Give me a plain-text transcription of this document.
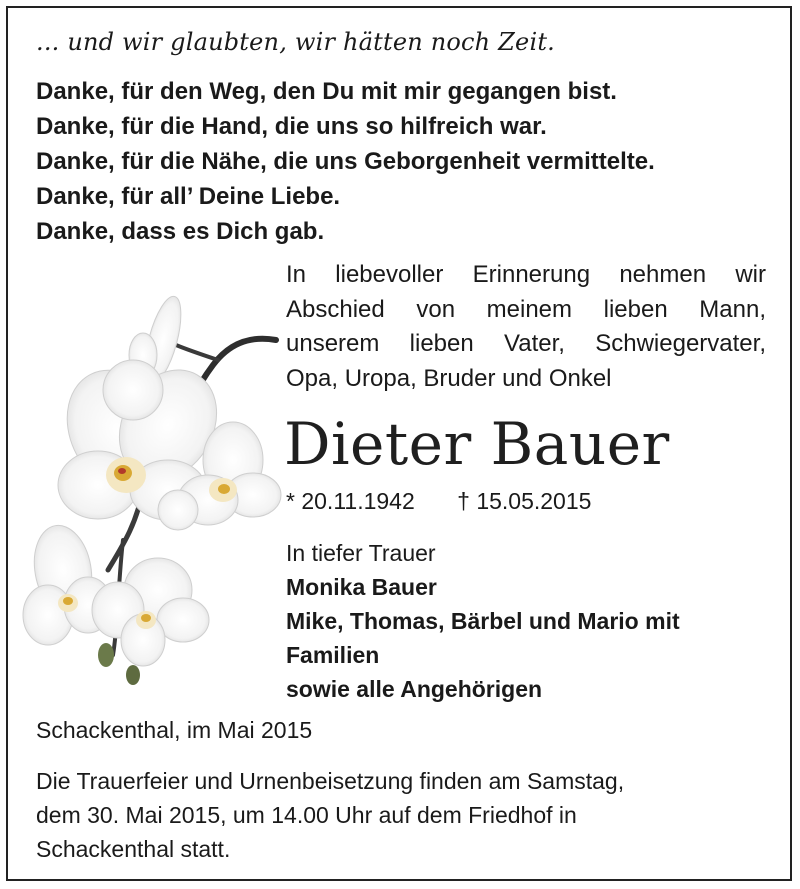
... und wir glaubten, wir hätten noch Zeit.
Danke, für den Weg, den Du mit mir gegangen bist.
Danke, für die Hand, die uns so hilfreich war.
Danke, für die Nähe, die uns Geborgenheit vermittelte.
Danke, für all’ Deine Liebe.
Danke, dass es Dich gab.
In liebevoller Erinnerung nehmen wir
Abschied von meinem lieben Mann,
unserem lieben Vater, Schwiegervater,
Opa, Uropa, Bruder und Onkel
Dieter Bauer
* 20.11.1942 † 15.05.2015
In tiefer Trauer
Monika Bauer
Mike, Thomas, Bärbel und Mario mit
Familien
sowie alle Angehörigen
Schackenthal, im Mai 2015
Die Trauerfeier und Urnenbeisetzung finden am Samstag,
dem 30. Mai 2015, um 14.00 Uhr auf dem Friedhof in
Schackenthal statt.
